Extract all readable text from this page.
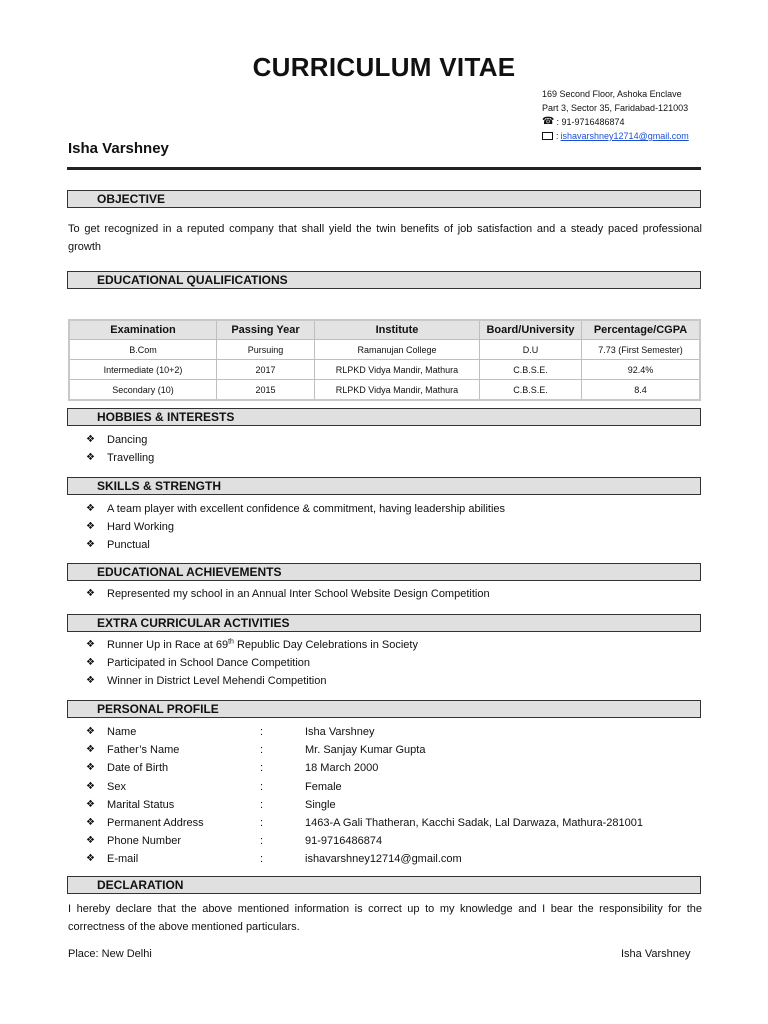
CURRICULUM VITAE
169 Second Floor, Ashoka Enclave
Part 3, Sector 35, Faridabad-121003
☎ : 91-9716486874
: ishavarshney12714@gmail.com
Isha Varshney
OBJECTIVE
To get recognized in a reputed company that shall yield the twin benefits of job satisfaction and a steady paced professional growth
EDUCATIONAL QUALIFICATIONS
Examination	Passing Year	Institute	Board/University	Percentage/CGPA
B.Com	Pursuing	Ramanujan College	D.U	7.73 (First Semester)
Intermediate (10+2)	2017	RLPKD Vidya Mandir, Mathura	C.B.S.E.	92.4%
Secondary (10)	2015	RLPKD Vidya Mandir, Mathura	C.B.S.E.	8.4
HOBBIES & INTERESTS
❖	Dancing
❖	Travelling
SKILLS & STRENGTH
❖	A team player with excellent confidence & commitment, having leadership abilities
❖	Hard Working
❖	Punctual
EDUCATIONAL ACHIEVEMENTS
❖	Represented my school in an Annual Inter School Website Design Competition
EXTRA CURRICULAR ACTIVITIES
❖	Runner Up in Race at 69th Republic Day Celebrations in Society
❖	Participated in School Dance Competition
❖	Winner in District Level Mehendi Competition
PERSONAL PROFILE
❖	Name	:	Isha Varshney
❖	Father’s Name	:	Mr. Sanjay Kumar Gupta
❖	Date of Birth	:	18 March 2000
❖	Sex	:	Female
❖	Marital Status	:	Single
❖	Permanent Address	:	1463-A Gali Thatheran, Kacchi Sadak, Lal Darwaza, Mathura-281001
❖	Phone Number	:	91-9716486874
❖	E-mail	:	ishavarshney12714@gmail.com
DECLARATION
I hereby declare that the above mentioned information is correct up to my knowledge and I bear the responsibility for the correctness of the above mentioned particulars.
Place: New Delhi	Isha Varshney
